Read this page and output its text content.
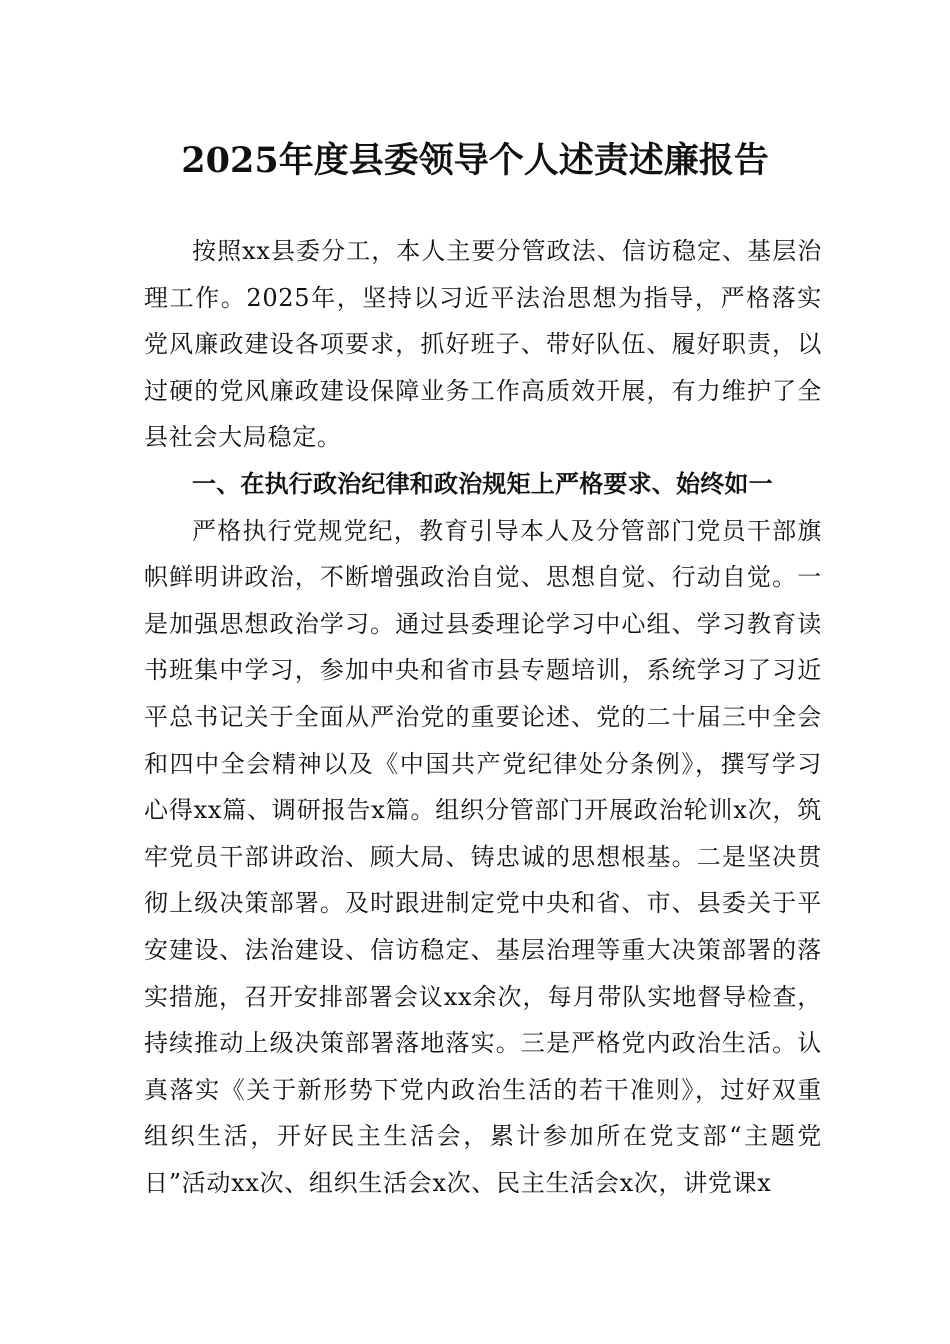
2025年度县委领导个人述责述廉报告

按照xx县委分工，本人主要分管政法、信访稳定、基层治理工作。2025年，坚持以习近平法治思想为指导，严格落实党风廉政建设各项要求，抓好班子、带好队伍、履好职责，以过硬的党风廉政建设保障业务工作高质效开展，有力维护了全县社会大局稳定。

一、在执行政治纪律和政治规矩上严格要求、始终如一

严格执行党规党纪，教育引导本人及分管部门党员干部旗帜鲜明讲政治，不断增强政治自觉、思想自觉、行动自觉。一是加强思想政治学习。通过县委理论学习中心组、学习教育读书班集中学习，参加中央和省市县专题培训，系统学习了习近平总书记关于全面从严治党的重要论述、党的二十届三中全会和四中全会精神以及《中国共产党纪律处分条例》，撰写学习心得xx篇、调研报告x篇。组织分管部门开展政治轮训x次，筑牢党员干部讲政治、顾大局、铸忠诚的思想根基。二是坚决贯彻上级决策部署。及时跟进制定党中央和省、市、县委关于平安建设、法治建设、信访稳定、基层治理等重大决策部署的落实措施，召开安排部署会议xx余次，每月带队实地督导检查，持续推动上级决策部署落地落实。三是严格党内政治生活。认真落实《关于新形势下党内政治生活的若干准则》，过好双重组织生活，开好民主生活会，累计参加所在党支部“主题党日”活动xx次、组织生活会x次、民主生活会x次，讲党课x
